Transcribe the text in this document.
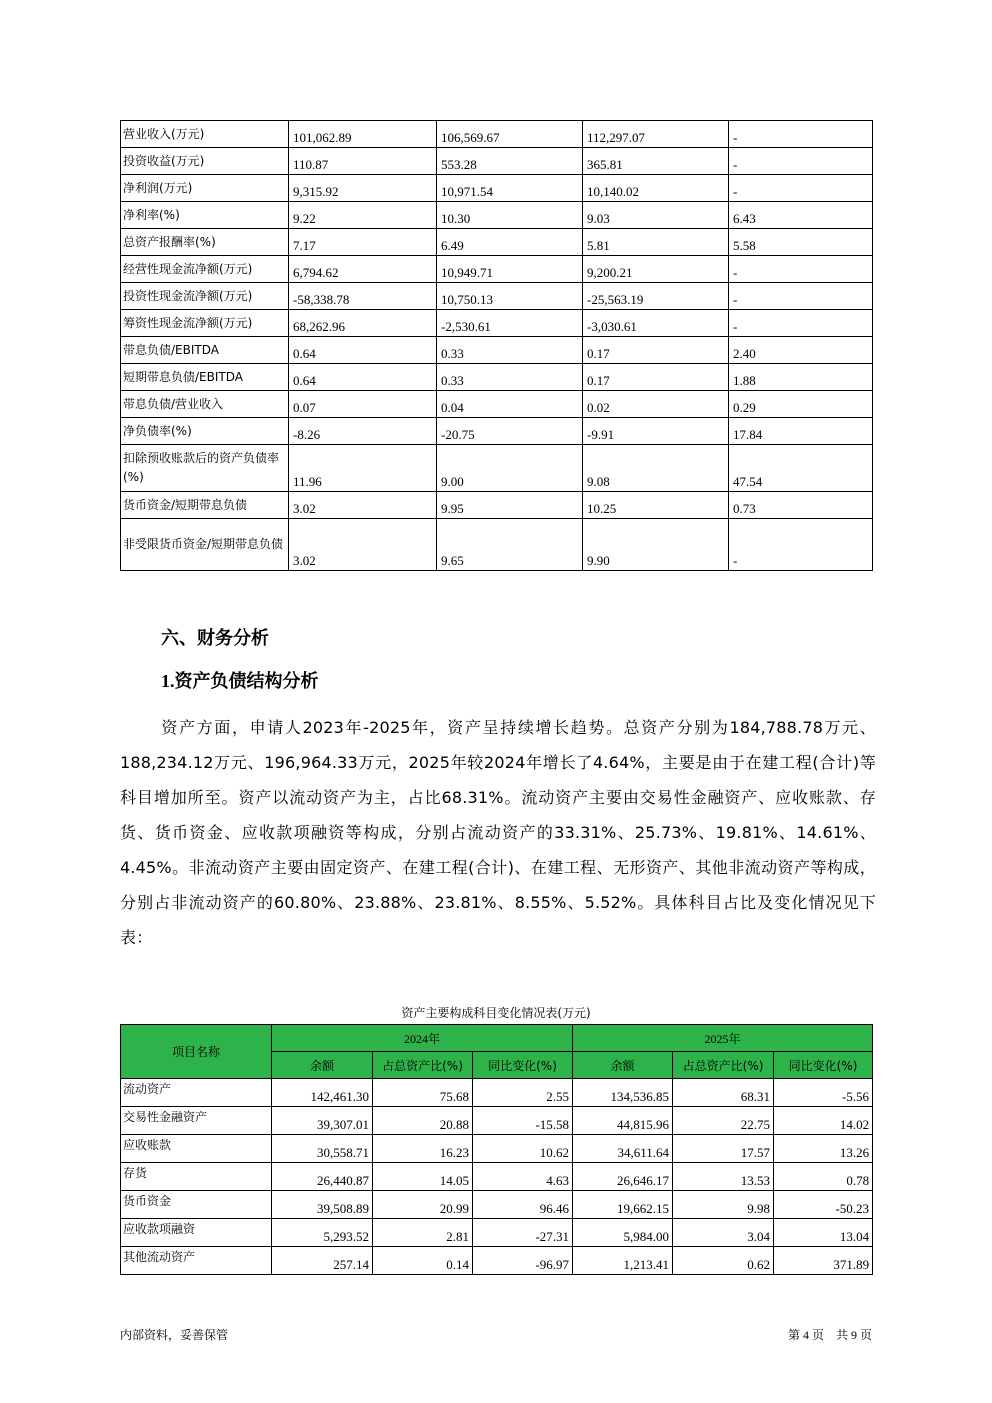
营业收入(万元)	101,062.89	106,569.67	112,297.07	-
投资收益(万元)	110.87	553.28	365.81	-
净利润(万元)	9,315.92	10,971.54	10,140.02	-
净利率(%)	9.22	10.30	9.03	6.43
总资产报酬率(%)	7.17	6.49	5.81	5.58
经营性现金流净额(万元)	6,794.62	10,949.71	9,200.21	-
投资性现金流净额(万元)	-58,338.78	10,750.13	-25,563.19	-
筹资性现金流净额(万元)	68,262.96	-2,530.61	-3,030.61	-
带息负债/EBITDA	0.64	0.33	0.17	2.40
短期带息负债/EBITDA	0.64	0.33	0.17	1.88
带息负债/营业收入	0.07	0.04	0.02	0.29
净负债率(%)	-8.26	-20.75	-9.91	17.84
扣除预收账款后的资产负债率(%)	11.96	9.00	9.08	47.54
货币资金/短期带息负债	3.02	9.95	10.25	0.73
非受限货币资金/短期带息负债	3.02	9.65	9.90	-
六、财务分析
1.资产负债结构分析
资产方面，申请人2023年-2025年，资产呈持续增长趋势。总资产分别为184,788.78万元、188,234.12万元、196,964.33万元，2025年较2024年增长了4.64%，主要是由于在建工程(合计)等科目增加所至。资产以流动资产为主，占比68.31%。流动资产主要由交易性金融资产、应收账款、存货、货币资金、应收款项融资等构成，分别占流动资产的33.31%、25.73%、19.81%、14.61%、4.45%。非流动资产主要由固定资产、在建工程(合计)、在建工程、无形资产、其他非流动资产等构成，分别占非流动资产的60.80%、23.88%、23.81%、8.55%、5.52%。具体科目占比及变化情况见下表：
资产主要构成科目变化情况表(万元)
项目名称	2024年			2025年		
	余额	占总资产比(%)	同比变化(%)	余额	占总资产比(%)	同比变化(%)
流动资产	142,461.30	75.68	2.55	134,536.85	68.31	-5.56
交易性金融资产	39,307.01	20.88	-15.58	44,815.96	22.75	14.02
应收账款	30,558.71	16.23	10.62	34,611.64	17.57	13.26
存货	26,440.87	14.05	4.63	26,646.17	13.53	0.78
货币资金	39,508.89	20.99	96.46	19,662.15	9.98	-50.23
应收款项融资	5,293.52	2.81	-27.31	5,984.00	3.04	13.04
其他流动资产	257.14	0.14	-96.97	1,213.41	0.62	371.89
内部资料，妥善保管	第 4 页　共 9 页
